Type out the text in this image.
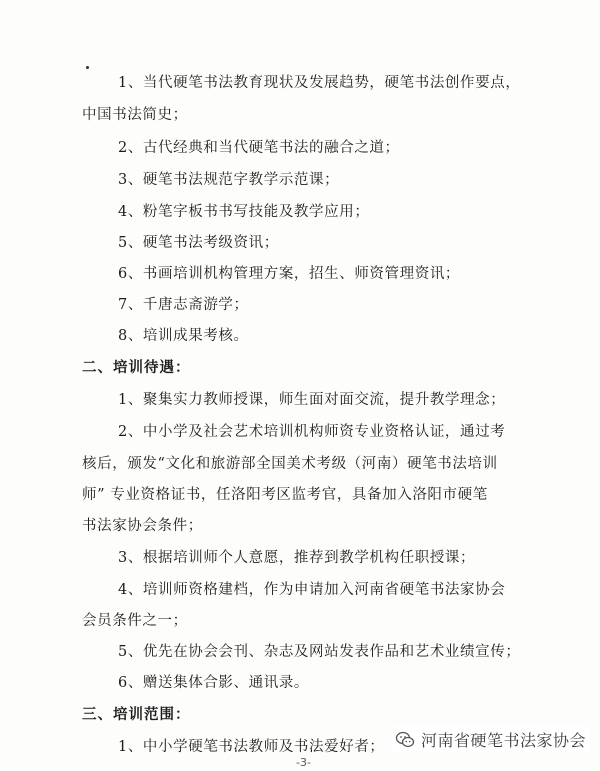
1、当代硬笔书法教育现状及发展趋势，硬笔书法创作要点，
中国书法简史；
2、古代经典和当代硬笔书法的融合之道；
3、硬笔书法规范字教学示范课；
4、粉笔字板书书写技能及教学应用；
5、硬笔书法考级资讯；
6、书画培训机构管理方案，招生、师资管理资讯；
7、千唐志斋游学；
8、培训成果考核。
二、培训待遇：
1、聚集实力教师授课，师生面对面交流，提升教学理念；
2、中小学及社会艺术培训机构师资专业资格认证，通过考
核后，颁发“文化和旅游部全国美术考级（河南）硬笔书法培训
师” 专业资格证书，任洛阳考区监考官，具备加入洛阳市硬笔
书法家协会条件；
3、根据培训师个人意愿，推荐到教学机构任职授课；
4、培训师资格建档，作为申请加入河南省硬笔书法家协会
会员条件之一；
5、优先在协会会刊、杂志及网站发表作品和艺术业绩宣传；
6、赠送集体合影、通讯录。
三、培训范围：
1、中小学硬笔书法教师及书法爱好者； 河南省硬笔书法家协会
-3-
